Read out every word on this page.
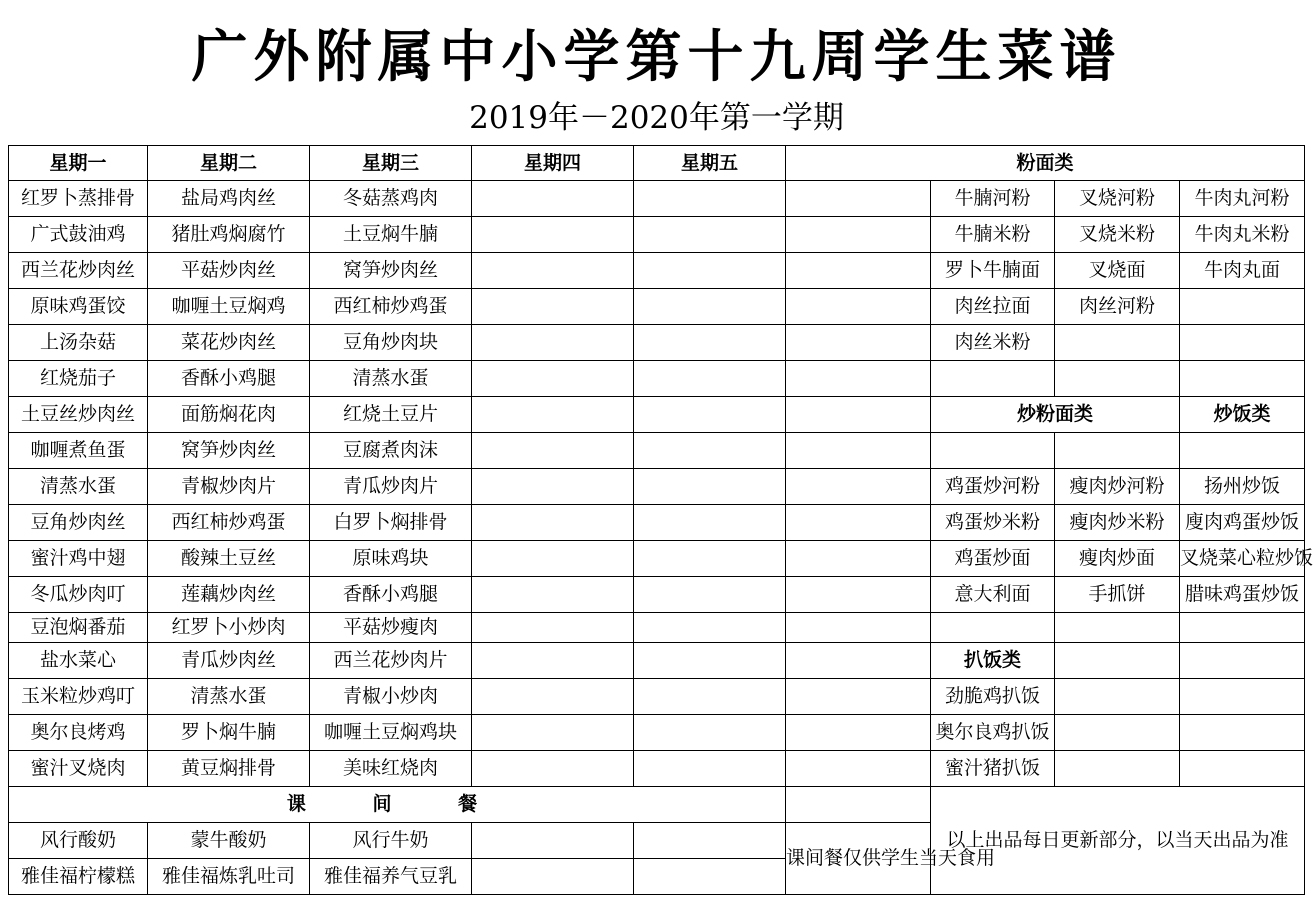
广外附属中小学第十九周学生菜谱
2019年－2020年第一学期
星期一	星期二	星期三	星期四	星期五	粉面类			
红罗卜蒸排骨	盐局鸡肉丝	冬菇蒸鸡肉				牛腩河粉	叉烧河粉	牛肉丸河粉
广式鼓油鸡	猪肚鸡焖腐竹	土豆焖牛腩				牛腩米粉	叉烧米粉	牛肉丸米粉
西兰花炒肉丝	平菇炒肉丝	窝笋炒肉丝				罗卜牛腩面	叉烧面	牛肉丸面
原味鸡蛋饺	咖喱土豆焖鸡	西红柿炒鸡蛋				肉丝拉面	肉丝河粉	
上汤杂菇	菜花炒肉丝	豆角炒肉块				肉丝米粉		
红烧茄子	香酥小鸡腿	清蒸水蛋						
土豆丝炒肉丝	面筋焖花肉	红烧土豆片				炒粉面类		炒饭类
咖喱煮鱼蛋	窝笋炒肉丝	豆腐煮肉沫						
清蒸水蛋	青椒炒肉片	青瓜炒肉片				鸡蛋炒河粉	瘦肉炒河粉	扬州炒饭
豆角炒肉丝	西红柿炒鸡蛋	白罗卜焖排骨				鸡蛋炒米粉	瘦肉炒米粉	廋肉鸡蛋炒饭
蜜汁鸡中翅	酸辣土豆丝	原味鸡块				鸡蛋炒面	瘦肉炒面	叉烧菜心粒炒饭
冬瓜炒肉叮	莲藕炒肉丝	香酥小鸡腿				意大利面	手抓饼	腊味鸡蛋炒饭
豆泡焖番茄	红罗卜小炒肉	平菇炒瘦肉						
盐水菜心	青瓜炒肉丝	西兰花炒肉片				扒饭类		
玉米粒炒鸡叮	清蒸水蛋	青椒小炒肉				劲脆鸡扒饭		
奥尔良烤鸡	罗卜焖牛腩	咖喱土豆焖鸡块				奥尔良鸡扒饭		
蜜汁叉烧肉	黄豆焖排骨	美味红烧肉				蜜汁猪扒饭		
课 间 餐						以上出品每日更新部分，以当天出品为准		
风行酸奶	蒙牛酸奶	风行牛奶			课间餐仅供学生当天食用			
雅佳福柠檬糕	雅佳福炼乳吐司	雅佳福养气豆乳						
